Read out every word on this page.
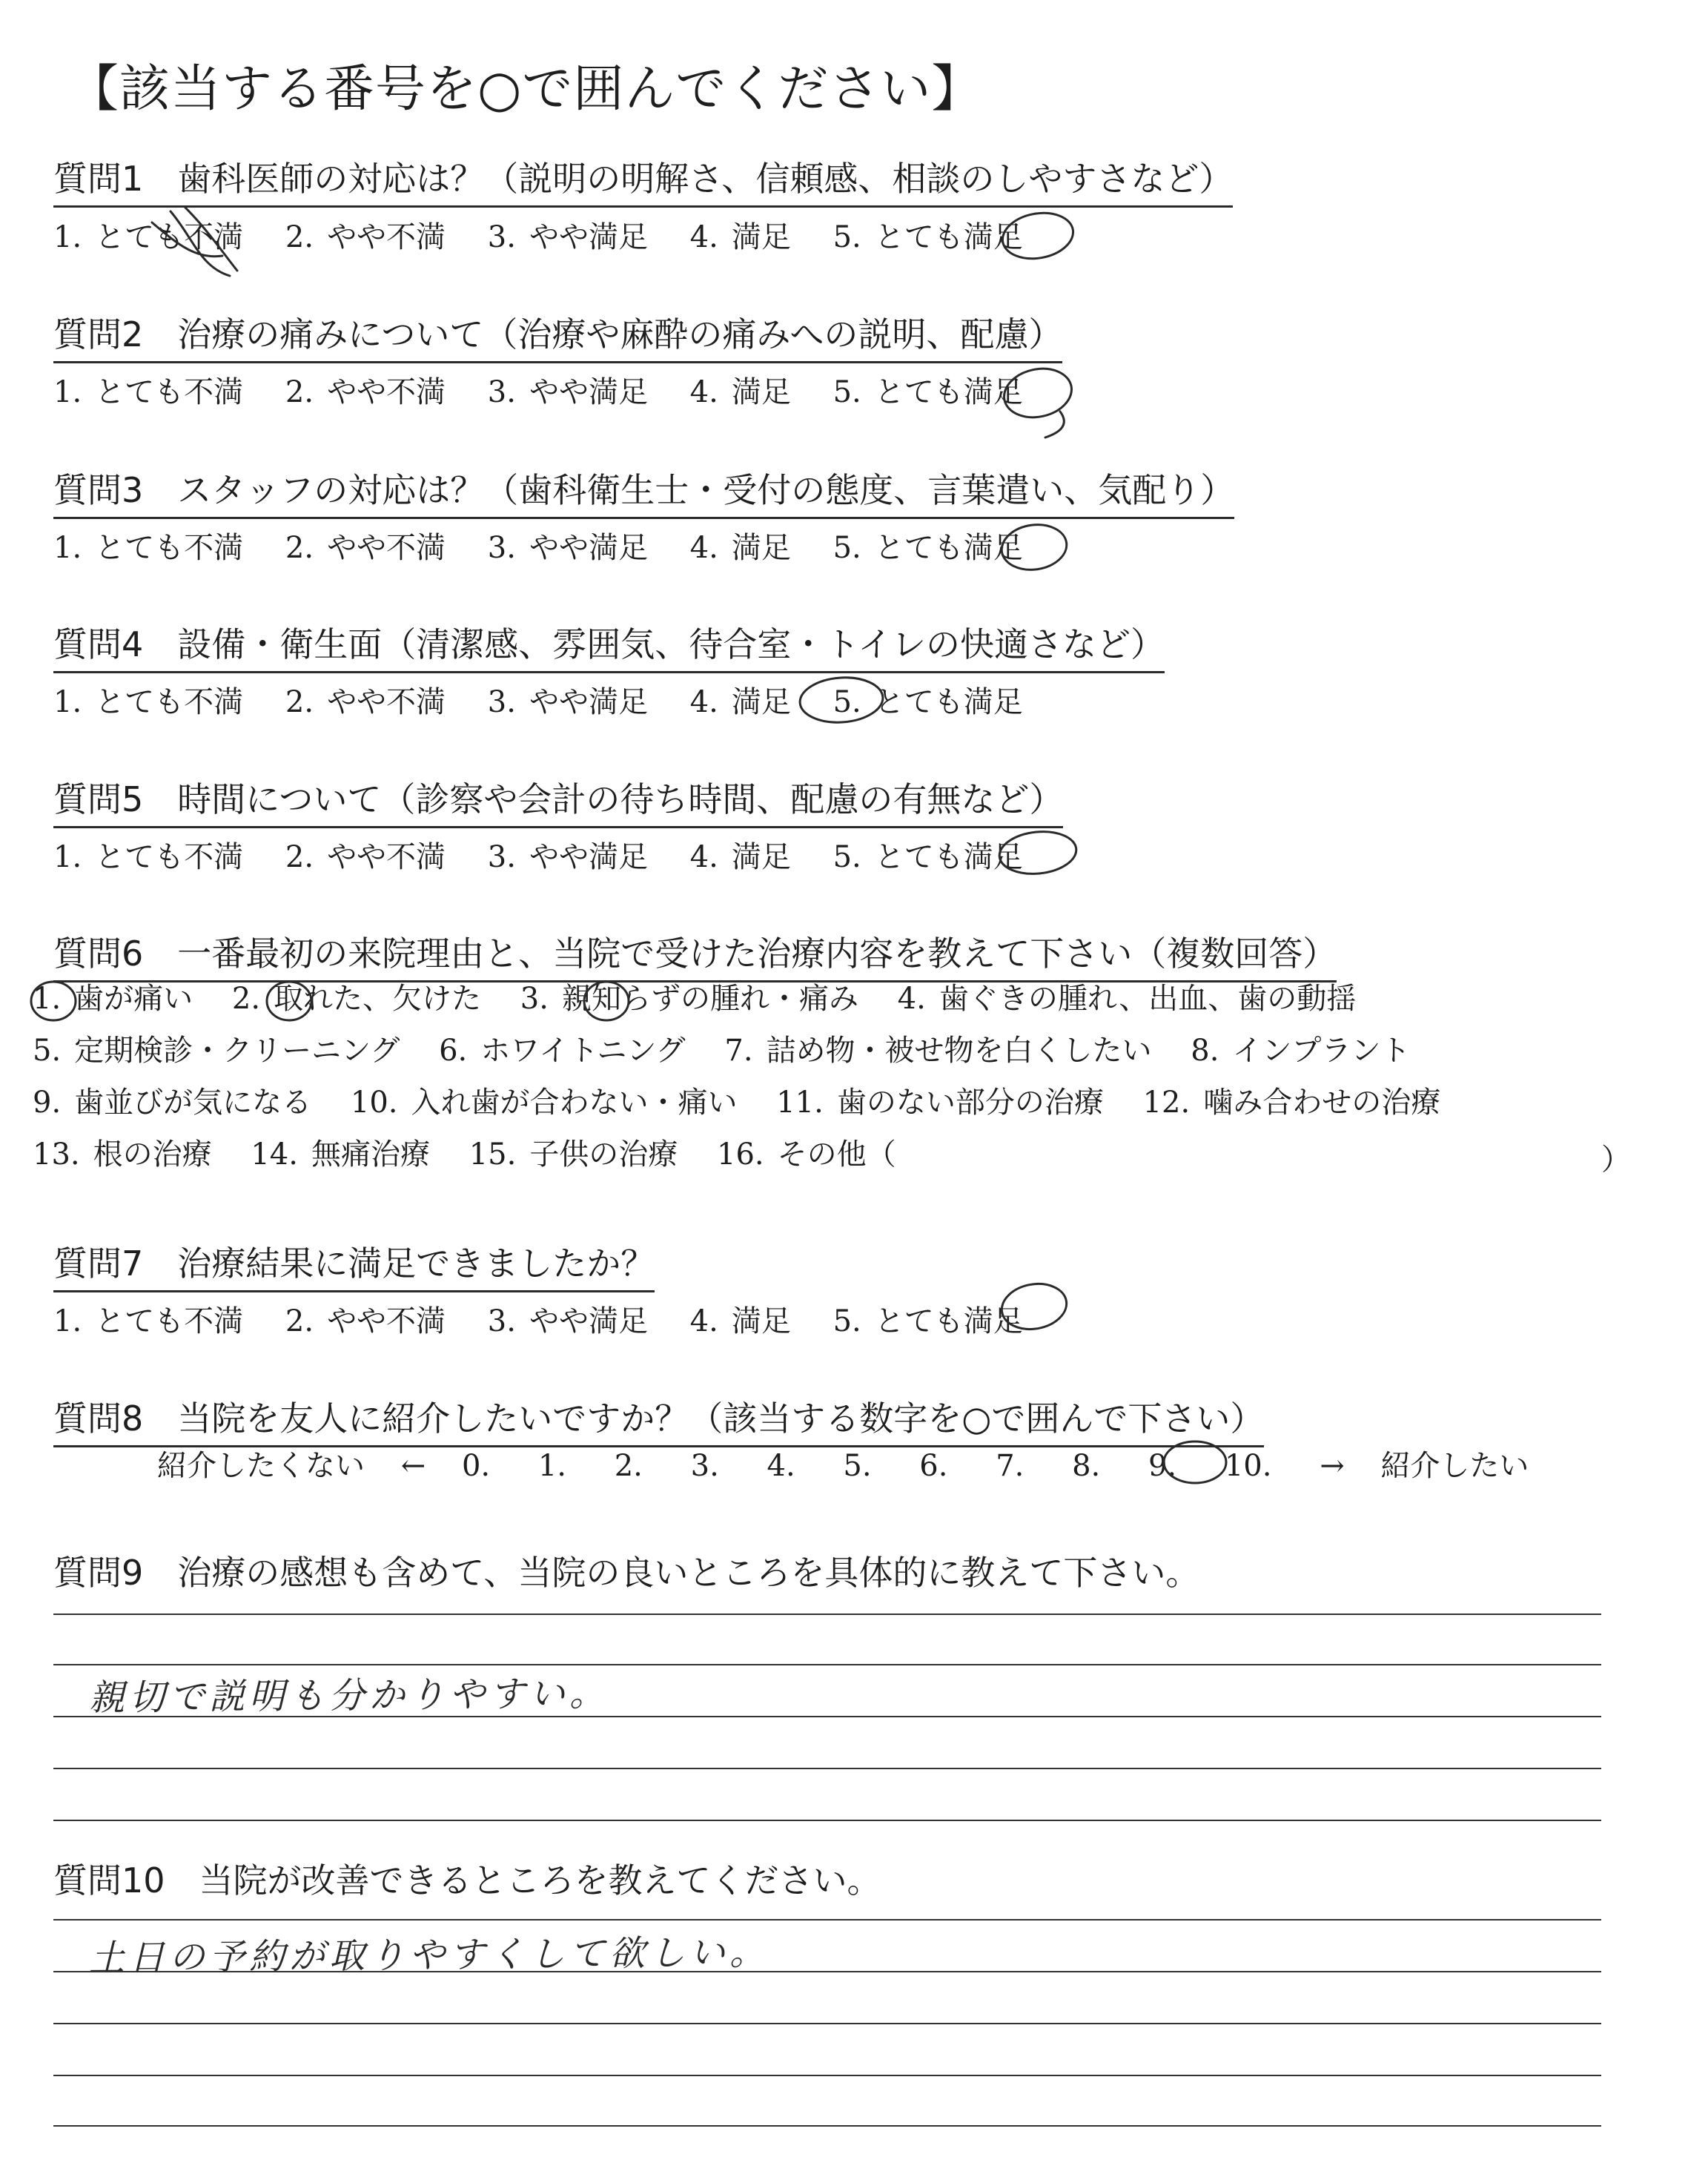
【該当する番号を○で囲んでください】
質問1　歯科医師の対応は？（説明の明解さ、信頼感、相談のしやすさなど）
1. とても不満 2. やや不満 3. やや満足 4. 満足 5. とても満足
質問2　治療の痛みについて（治療や麻酔の痛みへの説明、配慮）
1. とても不満 2. やや不満 3. やや満足 4. 満足 5. とても満足
質問3　スタッフの対応は？（歯科衛生士・受付の態度、言葉遣い、気配り）
1. とても不満 2. やや不満 3. やや満足 4. 満足 5. とても満足
質問4　設備・衛生面（清潔感、雰囲気、待合室・トイレの快適さなど）
1. とても不満 2. やや不満 3. やや満足 4. 満足 5. とても満足
質問5　時間について（診察や会計の待ち時間、配慮の有無など）
1. とても不満 2. やや不満 3. やや満足 4. 満足 5. とても満足
質問6　一番最初の来院理由と、当院で受けた治療内容を教えて下さい（複数回答）
1. 歯が痛い 2. 取れた、欠けた 3. 親知らずの腫れ・痛み 4. 歯ぐきの腫れ、出血、歯の動揺
5. 定期検診・クリーニング 6. ホワイトニング 7. 詰め物・被せ物を白くしたい 8. インプラント
9. 歯並びが気になる 10. 入れ歯が合わない・痛い 11. 歯のない部分の治療 12. 噛み合わせの治療
13. 根の治療 14. 無痛治療 15. 子供の治療 16. その他（	）
質問7　治療結果に満足できましたか？
1. とても不満 2. やや不満 3. やや満足 4. 満足 5. とても満足
質問8　当院を友人に紹介したいですか？（該当する数字を○で囲んで下さい）
紹介したくない ← 0. 1. 2. 3. 4. 5. 6. 7. 8. 9. 10. → 紹介したい
質問9　治療の感想も含めて、当院の良いところを具体的に教えて下さい。
親切で説明も分かりやすい。
質問10　当院が改善できるところを教えてください。
土日の予約が取りやすくして欲しい。
